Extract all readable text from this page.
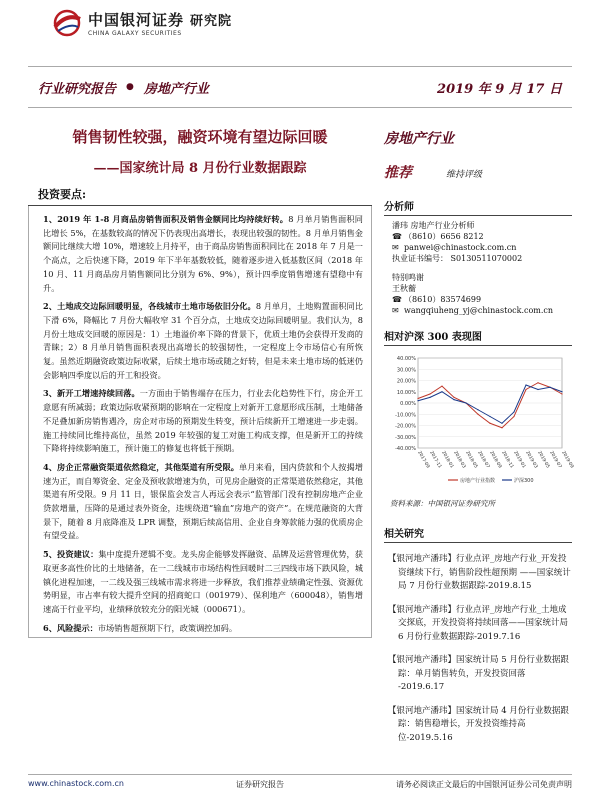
中国银河证券 研究院
CHINA GALAXY SECURITIES
行业研究报告 ● 房地产行业	2019 年 9 月 17 日
销售韧性较强，融资环境有望边际回暖
——国家统计局 8 月份行业数据跟踪
投资要点:

1、2019 年 1-8 月商品房销售面积及销售金额同比均持续好转。8 月单月销售面积同比增长 5%，在基数较高的情况下仍表现出高增长，表现出较强的韧性。8 月单月销售金额同比继续大增 10%，增速较上月持平，由于商品房销售面积同比在 2018 年 7 月是一个高点，之后快速下降，2019 年下半年基数较低，随着逐步进入低基数区间（2018 年 10 月、11 月商品房月销售额同比分别为 6%、9%），预计四季度销售增速有望稳中有升。

2、土地成交边际回暖明显，各线城市土地市场依旧分化。8 月单月，土地购置面积同比下滑 6%，降幅比 7 月份大幅收窄 31 个百分点，土地成交边际回暖明显。我们认为，8 月份土地成交回暖的原因是：1）土地溢价率下降的背景下，优质土地仍会获得开发商的青睐；2）8 月单月销售面积表现出高增长的较强韧性，一定程度上令市场信心有所恢复。虽然近期融资政策边际收紧，后续土地市场或随之好转，但是未来土地市场的低迷仍会影响四季度以后的开工和投资。

3、新开工增速持续回落。一方面由于销售端存在压力，行业去化趋势性下行，房企开工意愿有所减弱；政策边际收紧预期的影响在一定程度上对新开工意愿形成压制，土地储备不足叠加新房销售遇冷，房企对市场的预期发生转变，预计后续新开工增速进一步走弱。施工持续同比维持高位，虽然 2019 年较强的复工对施工构成支撑，但是新开工的持续下降将持续影响施工，预计施工的修复也将低于预期。

4、房企正常融资渠道依然稳定，其他渠道有所受限。单月来看，国内贷款和个人按揭增速为正，而自筹资金、定金及预收款增速为负，可见房企融资的正常渠道依然稳定，其他渠道有所受限。9 月 11 日，银保监会发言人再远会表示“监管部门没有控制房地产企业贷款增量，压降的是通过表外资金，违规绕道“输血”房地产的资产”。在规范融资的大背景下，随着 8 月底降准及 LPR 调整，预期后续高信用、企业自身筹款能力强的优质房企有望受益。

5、投资建议：集中度提升逻辑不变。龙头房企能够发挥融资、品牌及运营管理优势，获取更多高性价比的土地储备，在一二线城市市场结构性回暖时二三四线市场下跌风险，城镇化进程加速，一二线及强三线城市需求将进一步释放，我们推荐业绩确定性强、资源优势明显，市占率有较大提升空间的招商蛇口（001979）、保利地产（600048），销售增速高于行业平均，业绩释放较充分的阳光城（000671）。

6、风险提示：市场销售超预期下行，政策调控加码。

房地产行业
推荐	维持评级
分析师
潘玮 房地产行业分析师
☎ （8610）6656 8212
✉ panwei@chinastock.com.cn
执业证书编号： S0130511070002
特别鸣谢
王秋蘅
☎ （8610）83574699
✉ wangqiuheng_yj@chinastock.com.cn
相对沪深 300 表现图
40.00%
30.00%
20.00%
10.00%
0.00%
-10.00%
-20.00%
-30.00%
-40.00%
2017-09
2017-11
2018-01
2018-03
2018-05
2018-07
2018-09
2018-11
2019-01
2019-03
2019-05
2019-07
2019-09
房地产行业指数	沪深300
资料来源：中国银河证券研究所
相关研究
【银河地产潘玮】行业点评_房地产行业_开发投资继续下行，销售阶段性超预期 ——国家统计局 7 月份行业数据跟踪-2019.8.15
【银河地产潘玮】行业点评_房地产行业_土地成交探底，开发投资将持续回落——国家统计局 6 月份行业数据跟踪-2019.7.16
【银河地产潘玮】国家统计局 5 月份行业数据跟踪：单月销售转负，开发投资回落 -2019.6.17
【银河地产潘玮】国家统计局 4 月份行业数据跟踪：销售稳增长，开发投资维持高位-2019.5.16
www.chinastock.com.cn	证券研究报告	请务必阅读正文最后的中国银河证券公司免责声明
